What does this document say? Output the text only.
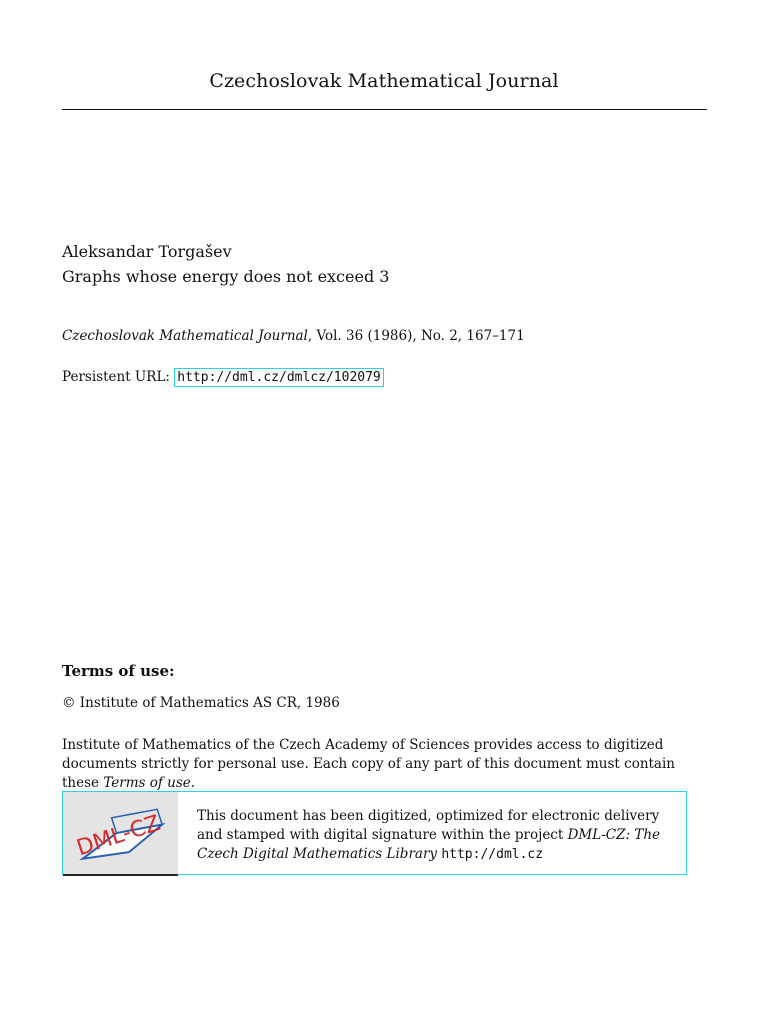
Czechoslovak Mathematical Journal
Aleksandar Torgašev
Graphs whose energy does not exceed 3
Czechoslovak Mathematical Journal, Vol. 36 (1986), No. 2, 167–171
Persistent URL: http://dml.cz/dmlcz/102079
Terms of use:
© Institute of Mathematics AS CR, 1986
Institute of Mathematics of the Czech Academy of Sciences provides access to digitized documents strictly for personal use. Each copy of any part of this document must contain these Terms of use.
DML-CZ This document has been digitized, optimized for electronic delivery and stamped with digital signature within the project DML-CZ: The Czech Digital Mathematics Library http://dml.cz
